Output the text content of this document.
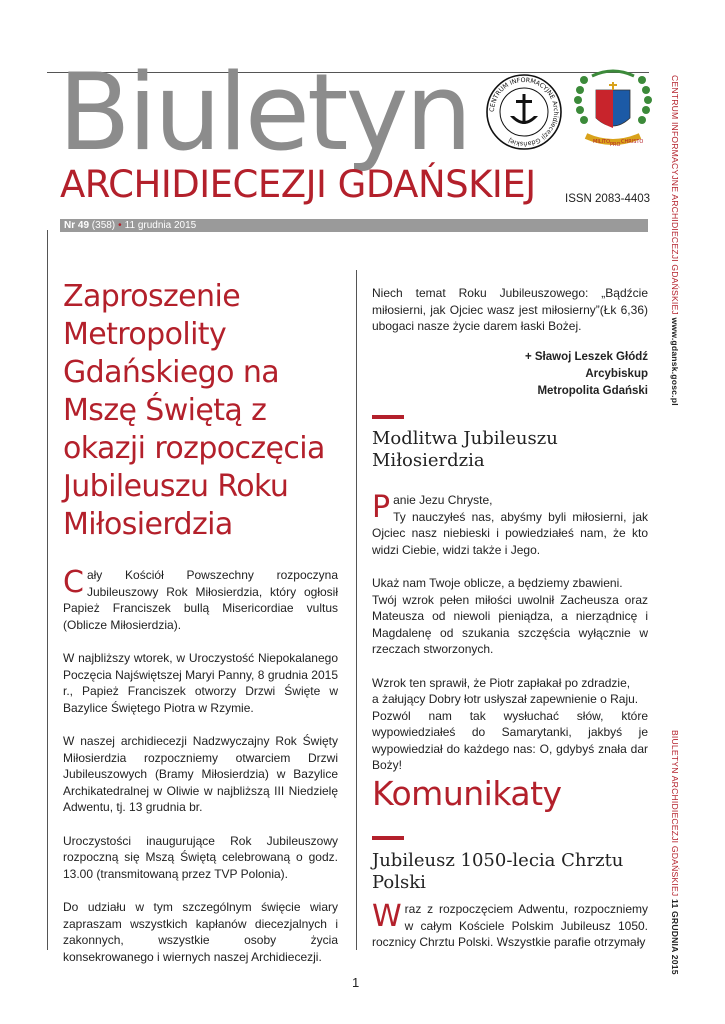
Biuletyn
ARCHIDIECEZJI GDAŃSKIEJ	ISSN 2083-4403
CENTRUM INFORMACYJNE Archidiecezji Gdańskiej	MILITO PRO CHRISTO
Nr 49 (358) • 11 grudnia 2015	CENTRUM INFORMACYJNE ARCHIDIECEZJI GDAŃSKIEJ www.gdansk.gosc.pl
BIULETYN ARCHIDIECEZJI GDAŃSKIEJ 11 GRUDNIA 2015
Zaproszenie
Metropolity
Gdańskiego na
Mszę Świętą z
okazji rozpoczęcia
Jubileuszu Roku
Miłosierdzia

Cały Kościół Powszechny rozpoczyna Jubileuszowy Rok Miłosierdzia, który ogłosił Papież Franciszek bullą Misericordiae vultus (Oblicze Miłosierdzia).

W najbliższy wtorek, w Uroczystość Niepokalanego Poczęcia Najświętszej Maryi Panny, 8 grudnia 2015 r., Papież Franciszek otworzy Drzwi Święte w Bazylice Świętego Piotra w Rzymie.

W naszej archidiecezji Nadzwyczajny Rok Święty Miłosierdzia rozpoczniemy otwarciem Drzwi Jubileuszowych (Bramy Miłosierdzia) w Bazylice Archikatedralnej w Oliwie w najbliższą III Niedzielę Adwentu, tj. 13 grudnia br.

Uroczystości inaugurujące Rok Jubileuszowy rozpoczną się Mszą Świętą celebrowaną o godz. 13.00 (transmitowaną przez TVP Polonia).

Do udziału w tym szczególnym święcie wiary zapraszam wszystkich kapłanów diecezjalnych i zakonnych, wszystkie osoby życia konsekrowanego i wiernych naszej Archidiecezji.

Niech temat Roku Jubileuszowego: „Bądźcie miłosierni, jak Ojciec wasz jest miłosierny”(Łk 6,36) ubogaci nasze życie darem łaski Bożej.

+ Sławoj Leszek Głódź
Arcybiskup
Metropolita Gdański
Modlitwa Jubileuszu Miłosierdzia

Panie Jezu Chryste,
Ty nauczyłeś nas, abyśmy byli miłosierni, jak Ojciec nasz niebieski i powiedziałeś nam, że kto widzi Ciebie, widzi także i Jego.

Ukaż nam Twoje oblicze, a będziemy zbawieni.

Twój wzrok pełen miłości uwolnił Zacheusza oraz Mateusza od niewoli pieniądza, a nierządnicę i Magdalenę od szukania szczęścia wyłącznie w rzeczach stworzonych.

Wzrok ten sprawił, że Piotr zapłakał po zdradzie,

a żałujący Dobry łotr usłyszał zapewnienie o Raju.

Pozwól nam tak wysłuchać słów, które wypowiedziałeś do Samarytanki, jakbyś je wypowiedział do każdego nas: O, gdybyś znała dar Boży!

Komunikaty
Jubileusz 1050-lecia Chrztu Polski

Wraz z rozpoczęciem Adwentu, rozpoczniemy w całym Kościele Polskim Jubileusz 1050. rocznicy Chrztu Polski. Wszystkie parafie otrzymały

1
